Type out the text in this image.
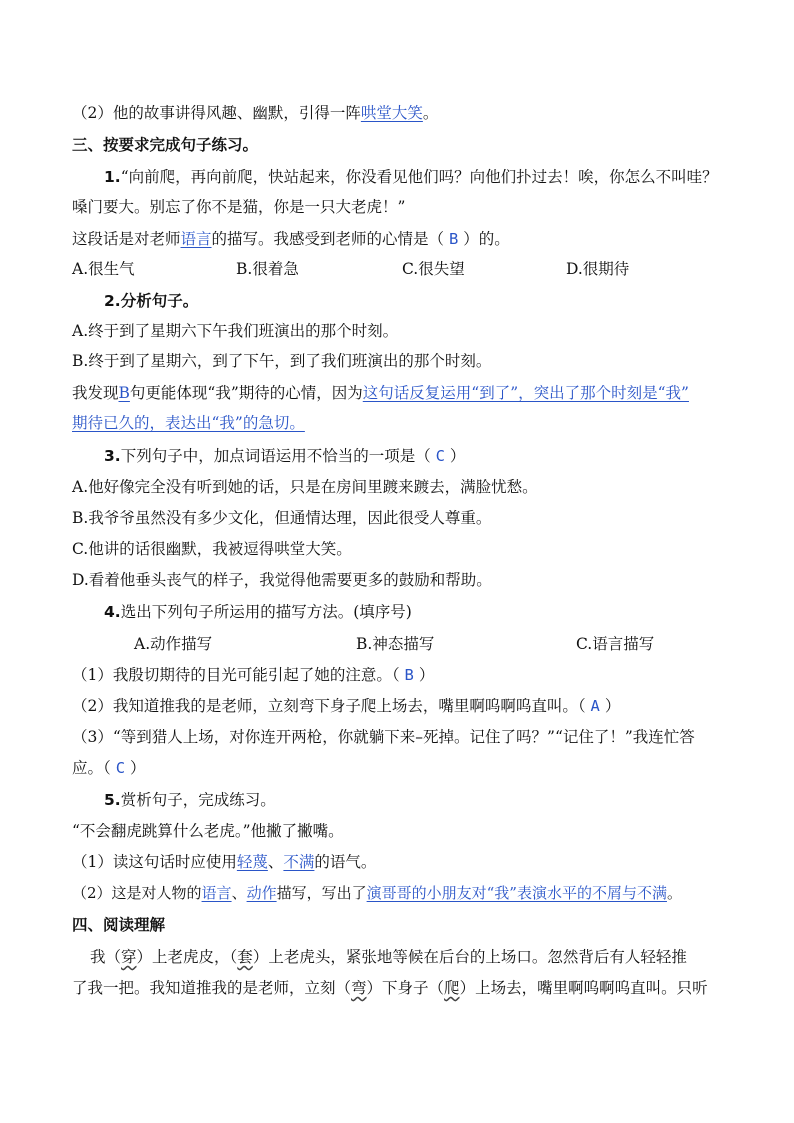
（2）他的故事讲得风趣、幽默，引得一阵哄堂大笑。
三、按要求完成句子练习。
1.“向前爬，再向前爬，快站起来，你没看见他们吗？向他们扑过去！唉，你怎么不叫哇？
嗓门要大。别忘了你不是猫，你是一只大老虎！”
这段话是对老师语言的描写。我感受到老师的心情是（ B ）的。
A.很生气	B.很着急	C.很失望	D.很期待
2.分析句子。
A.终于到了星期六下午我们班演出的那个时刻。
B.终于到了星期六，到了下午，到了我们班演出的那个时刻。
我发现B句更能体现“我”期待的心情，因为这句话反复运用“到了”，突出了那个时刻是“我”
期待已久的，表达出“我”的急切。
3.下列句子中，加点词语运用不恰当的一项是（ C ）
A.他好像完全没有听到她的话，只是在房间里踱来踱去，满脸忧愁。
B.我爷爷虽然没有多少文化，但通情达理，因此很受人尊重。
C.他讲的话很幽默，我被逗得哄堂大笑。
D.看着他垂头丧气的样子，我觉得他需要更多的鼓励和帮助。
4.选出下列句子所运用的描写方法。(填序号)
A.动作描写	B.神态描写	C.语言描写
（1）我殷切期待的目光可能引起了她的注意。（ B ）
（2）我知道推我的是老师，立刻弯下身子爬上场去，嘴里啊呜啊呜直叫。（ A ）
（3）“等到猎人上场，对你连开两枪，你就躺下来–死掉。记住了吗？”“记住了！”我连忙答
应。（ C ）
5.赏析句子，完成练习。
“不会翻虎跳算什么老虎。”他撇了撇嘴。
（1）读这句话时应使用轻蔑、不满的语气。
（2）这是对人物的语言、动作描写，写出了演哥哥的小朋友对“我”表演水平的不屑与不满。
四、阅读理解
我（穿）上老虎皮，（套）上老虎头，紧张地等候在后台的上场口。忽然背后有人轻轻推
了我一把。我知道推我的是老师，立刻（弯）下身子（爬）上场去，嘴里啊呜啊呜直叫。只听
